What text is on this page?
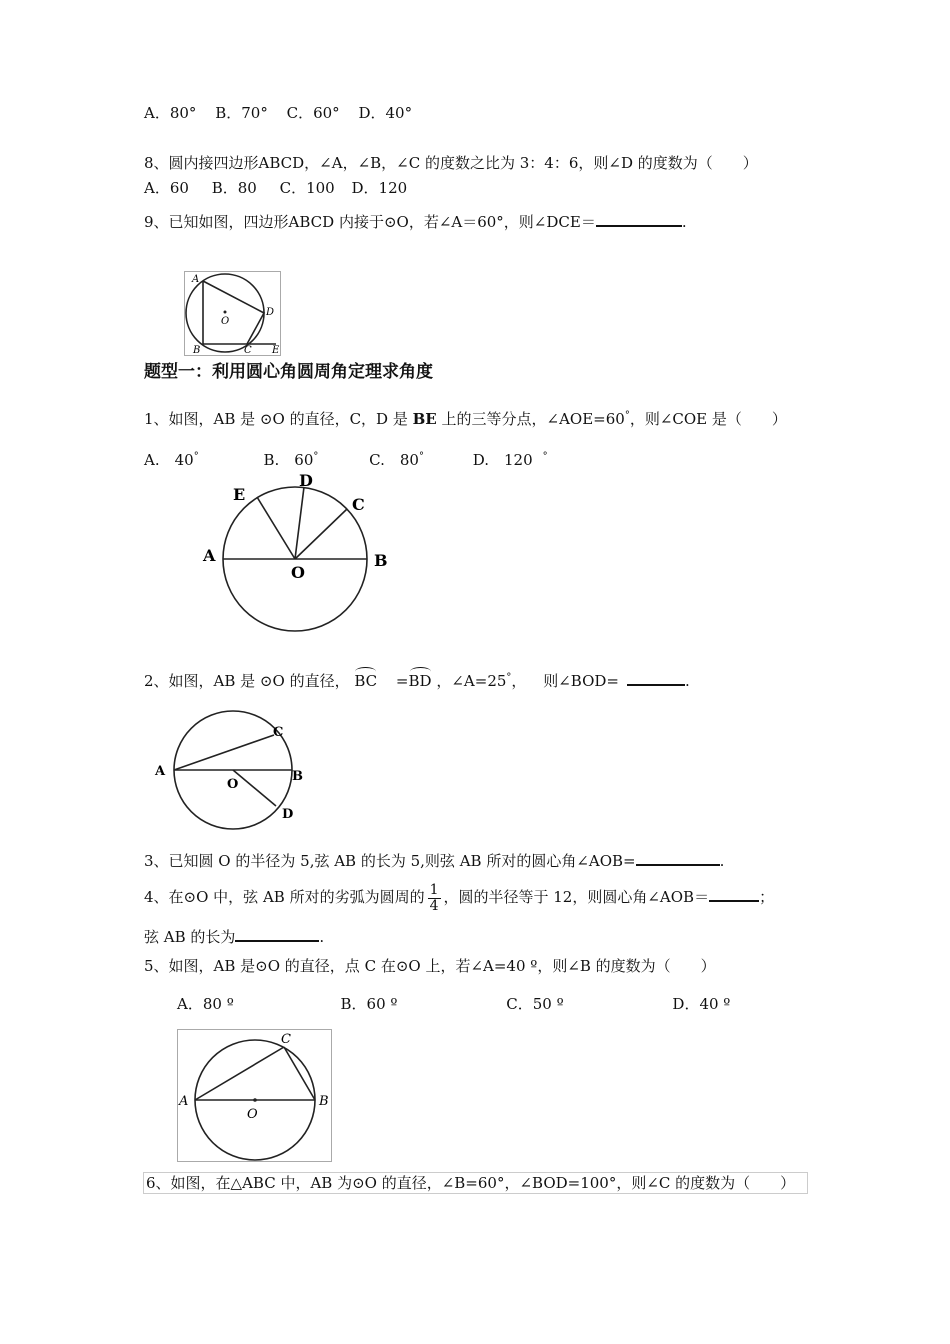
A．80° B．70° C．60° D．40°
8、圆内接四边形ABCD，∠A，∠B，∠C 的度数之比为 3：4：6，则∠D 的度数为（　　）
A．60 B．80 C．100 D．120
9、已知如图，四边形ABCD 内接于⊙O，若∠A＝60°，则∠DCE＝	.
A
B	C
D
E
O
题型一：利用圆心角圆周角定理求角度
1、如图，AB 是 ⊙O 的直径，C，D 是 BE 上的三等分点，∠AOE=60°，则∠COE 是（　　）
A.　40°	B.　60°	C.　80°	D.　120 °
A	B
C
D
E
O
2、如图，AB 是 ⊙O 的直径， BC =BD ，∠A=25°， 则∠BOD=	.
A	B
C
D
O
3、已知圆 O 的半径为 5,弦 AB 的长为 5,则弦 AB 所对的圆心角∠AOB=	.
4、在⊙O 中，弦 AB 所对的劣弧为圆周的 $\frac{1}{4}$ ，圆的半径等于 12，则圆心角∠AOB＝	；
弦 AB 的长为	.
5、如图，AB 是⊙O 的直径，点 C 在⊙O 上，若∠A=40 º，则∠B 的度数为（　　）
A．80 º	B．60 º	C．50 º	D．40 º
A	B
C
O
6、如图，在△ABC 中，AB 为⊙O 的直径，∠B=60°，∠BOD=100°，则∠C 的度数为（　　）
